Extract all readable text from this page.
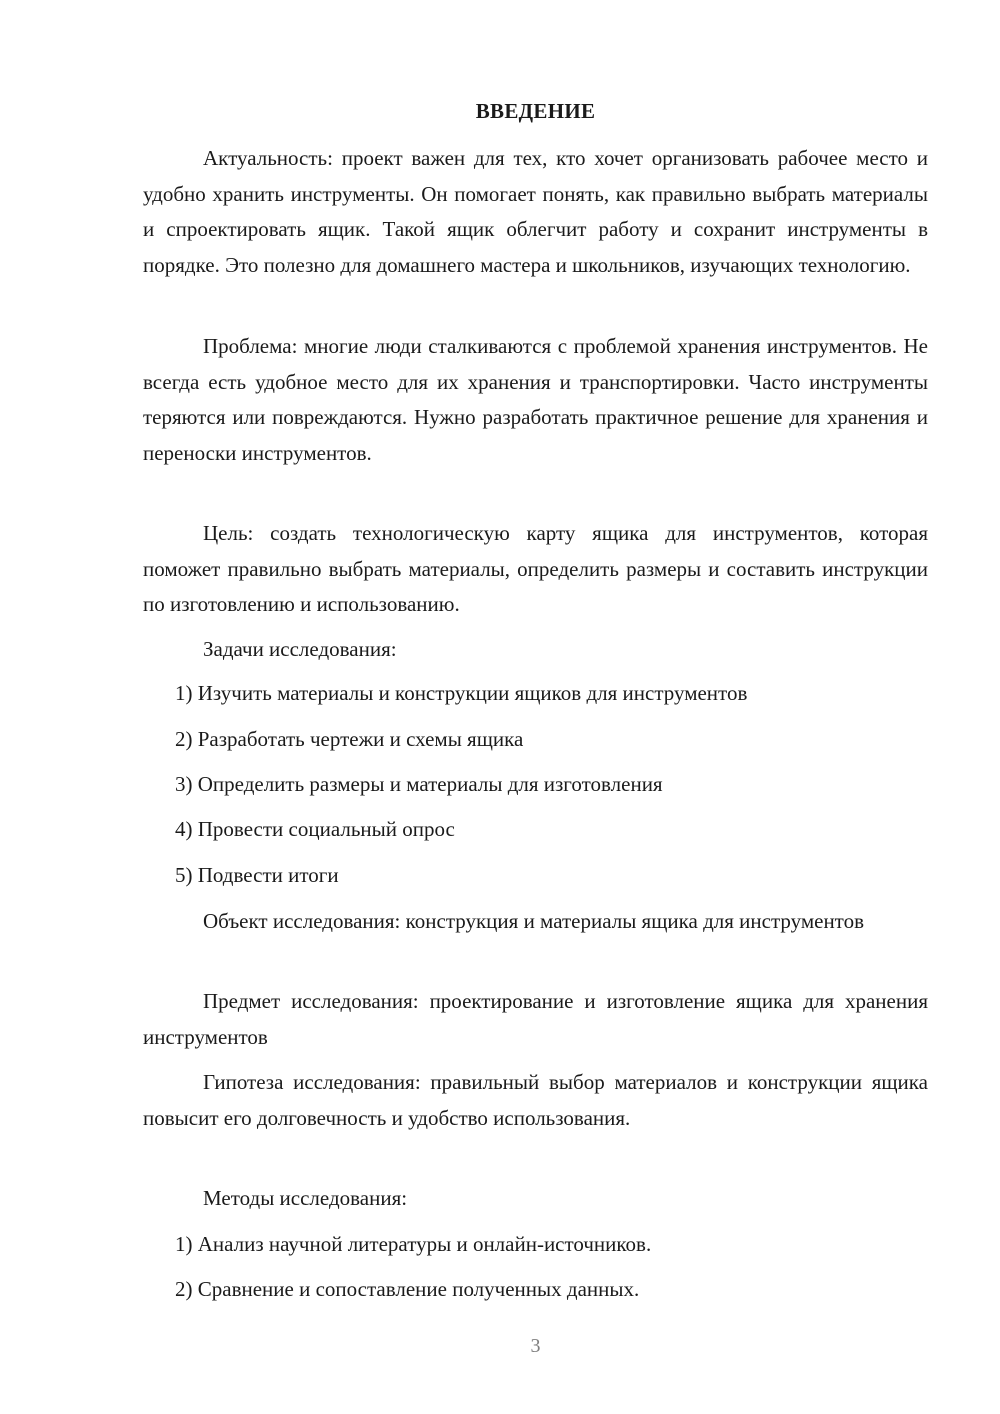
ВВЕДЕНИЕ
Актуальность: проект важен для тех, кто хочет организовать рабочее место и удобно хранить инструменты. Он помогает понять, как правильно выбрать материалы и спроектировать ящик. Такой ящик облегчит работу и сохранит инструменты в порядке. Это полезно для домашнего мастера и школьников, изучающих технологию.
Проблема: многие люди сталкиваются с проблемой хранения инструментов. Не всегда есть удобное место для их хранения и транспортировки. Часто инструменты теряются или повреждаются. Нужно разработать практичное решение для хранения и переноски инструментов.
Цель: создать технологическую карту ящика для инструментов, которая поможет правильно выбрать материалы, определить размеры и составить инструкции по изготовлению и использованию.
Задачи исследования:
1) Изучить материалы и конструкции ящиков для инструментов
2) Разработать чертежи и схемы ящика
3) Определить размеры и материалы для изготовления
4) Провести социальный опрос
5) Подвести итоги
Объект исследования: конструкция и материалы ящика для инструментов
Предмет исследования: проектирование и изготовление ящика для хранения инструментов
Гипотеза исследования: правильный выбор материалов и конструкции ящика повысит его долговечность и удобство использования.
Методы исследования:
1) Анализ научной литературы и онлайн-источников.
2) Сравнение и сопоставление полученных данных.
3
